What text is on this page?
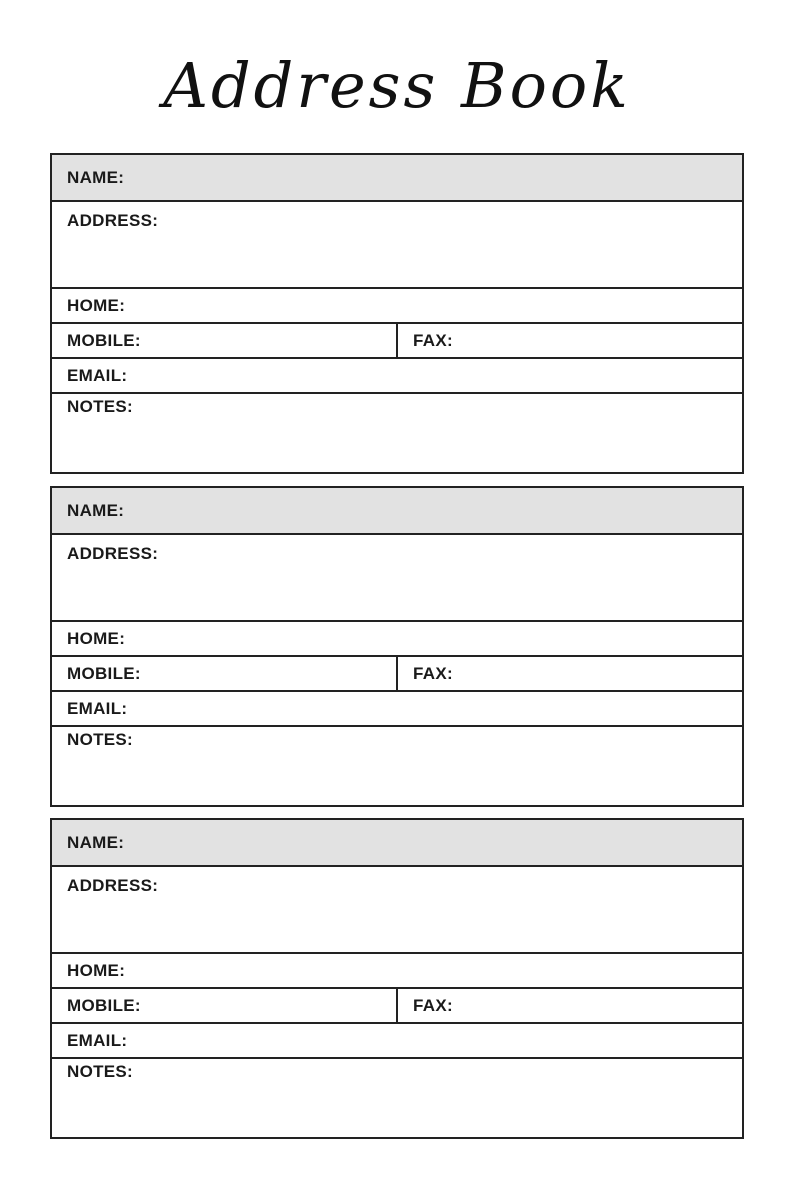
Address Book
NAME:
ADDRESS:
HOME:
MOBILE:	FAX:
EMAIL:
NOTES:
NAME:
ADDRESS:
HOME:
MOBILE:	FAX:
EMAIL:
NOTES:
NAME:
ADDRESS:
HOME:
MOBILE:	FAX:
EMAIL:
NOTES:
